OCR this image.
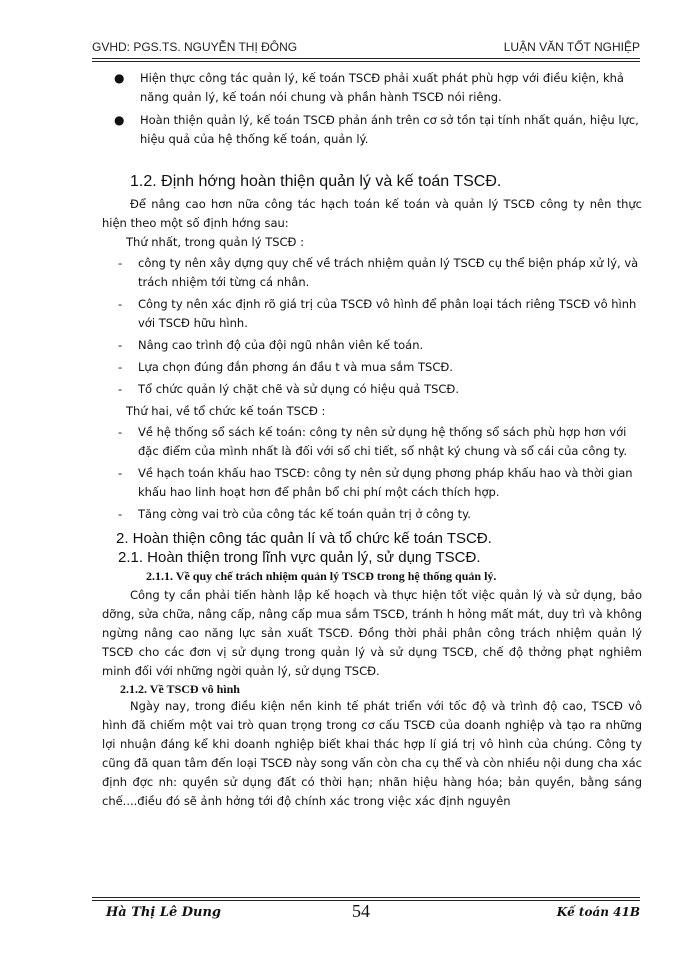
GVHD: PGS.TS. NGUYỄN THỊ ĐÔNG	LUẬN VĂN TỐT NGHIỆP
● Hiện thực công tác quản lý, kế toán TSCĐ phải xuất phát phù hợp với điều kiện, khả năng quản lý, kế toán nói chung và phần hành TSCĐ nói riêng.
● Hoàn thiện quản lý, kế toán TSCĐ phản ánh trên cơ sở tồn tại tính nhất quán, hiệu lực, hiệu quả của hệ thống kế toán, quản lý.
1.2. Định hớng hoàn thiện quản lý và kế toán TSCĐ.

Để nâng cao hơn nữa công tác hạch toán kế toán và quản lý TSCĐ công ty nên thực hiện theo một số định hớng sau:

Thứ nhất, trong quản lý TSCĐ :

- công ty nên xây dựng quy chế về trách nhiệm quản lý TSCĐ cụ thể biện pháp xử lý, và trách nhiệm tới từng cá nhân.
- Công ty nên xác định rõ giá trị của TSCĐ vô hình để phân loại tách riêng TSCĐ vô hình với TSCĐ hữu hình.
- Nâng cao trình độ của đội ngũ nhân viên kế toán.
- Lựa chọn đúng đắn phơng án đầu t và mua sắm TSCĐ.
- Tổ chức quản lý chặt chẽ và sử dụng có hiệu quả TSCĐ.

Thứ hai, về tổ chức kế toán TSCĐ :

- Về hệ thống sổ sách kế toán: công ty nên sử dụng hệ thống sổ sách phù hợp hơn với đặc điểm của mình nhất là đối với sổ chi tiết, sổ nhật ký chung và sổ cái của công ty.
- Về hạch toán khấu hao TSCĐ: công ty nên sử dụng phơng pháp khấu hao và thời gian khấu hao linh hoạt hơn để phân bổ chi phí một cách thích hợp.
- Tăng cờng vai trò của công tác kế toán quản trị ở công ty.
2. Hoàn thiện công tác quản lí và tổ chức kế toán TSCĐ.
2.1. Hoàn thiện trong lĩnh vực quản lý, sử dụng TSCĐ.
2.1.1. Về quy chế trách nhiệm quản lý TSCĐ trong hệ thống quản lý.

Công ty cần phải tiến hành lập kế hoạch và thực hiện tốt việc quản lý và sử dụng, bảo dỡng, sửa chữa, nâng cấp, nâng cấp mua sắm TSCĐ, tránh h hỏng mất mát, duy trì và không ngừng nâng cao năng lực sản xuất TSCĐ. Đồng thời phải phân công trách nhiệm quản lý TSCĐ cho các đơn vị sử dụng trong quản lý và sử dụng TSCĐ, chế độ thởng phạt nghiêm minh đối với những ngời quản lý, sử dụng TSCĐ.

2.1.2. Về TSCĐ vô hình

Ngày nay, trong điều kiện nền kinh tế phát triển với tốc độ và trình độ cao, TSCĐ vô hình đã chiếm một vai trò quan trọng trong cơ cấu TSCĐ của doanh nghiệp và tạo ra những lợi nhuận đáng kể khi doanh nghiệp biết khai thác hợp lí giá trị vô hình của chúng. Công ty cũng đã quan tâm đến loại TSCĐ này song vấn còn cha cụ thể và còn nhiều nội dung cha xác định đợc nh: quyền sử dụng đất có thời hạn; nhãn hiệu hàng hóa; bản quyền, bằng sáng chế....điều đó sẽ ảnh hởng tới độ chính xác trong việc xác định nguyên

Hà Thị Lê Dung	54	Kế toán 41B
